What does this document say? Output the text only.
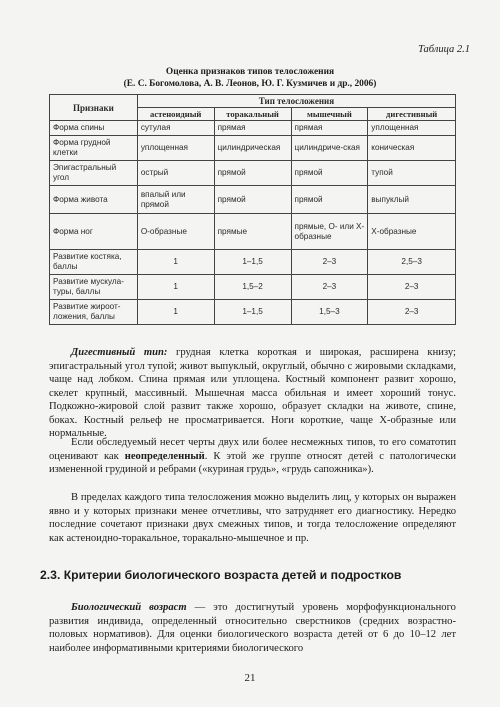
Таблица 2.1
Оценка признаков типов телосложения
(Е. С. Богомолова, А. В. Леонов, Ю. Г. Кузмичев и др., 2006)
Признаки	Тип телосложения			
	астеноидный	торакальный	мышечный	дигестивный
Форма спины	сутулая	прямая	прямая	уплощенная
Форма грудной клетки	уплощенная	цилиндрическая	цилиндриче-ская	коническая
Эпигастральный угол	острый	прямой	прямой	тупой
Форма живота	впалый или прямой	прямой	прямой	выпуклый
Форма ног	О-образные	прямые	прямые, О- или Х-образные	Х-образные
Развитие костяка, баллы	1	1–1,5	2–3	2,5–3
Развитие мускула-туры, баллы	1	1,5–2	2–3	2–3
Развитие жироот-ложения, баллы	1	1–1,5	1,5–3	2–3

Дигестивный тип: грудная клетка короткая и широкая, расширена книзу; эпигастральный угол тупой; живот выпуклый, округлый, обычно с жировыми складками, чаще над лобком. Спина прямая или уплощена. Костный компонент развит хорошо, скелет крупный, массивный. Мышечная масса обильная и имеет хороший тонус. Подкожно-жировой слой развит также хорошо, образует складки на животе, спине, боках. Костный рельеф не просматривается. Ноги короткие, чаще Х-образные или нормальные.

Если обследуемый несет черты двух или более несмежных типов, то его соматотип оценивают как неопределенный. К этой же группе относят детей с патологически измененной грудиной и ребрами («куриная грудь», «грудь сапожника»).

В пределах каждого типа телосложения можно выделить лиц, у которых он выражен явно и у которых признаки менее отчетливы, что затрудняет его диагностику. Нередко последние сочетают признаки двух смежных типов, и тогда телосложение определяют как астеноидно-торакальное, торакально-мышечное и пр.

2.3. Критерии биологического возраста детей и подростков

Биологический возраст — это достигнутый уровень морфофункционального развития индивида, определенный относительно сверстников (средних возрастно-половых нормативов). Для оценки биологического возраста детей от 6 до 10–12 лет наиболее информативными критериями биологического

21
